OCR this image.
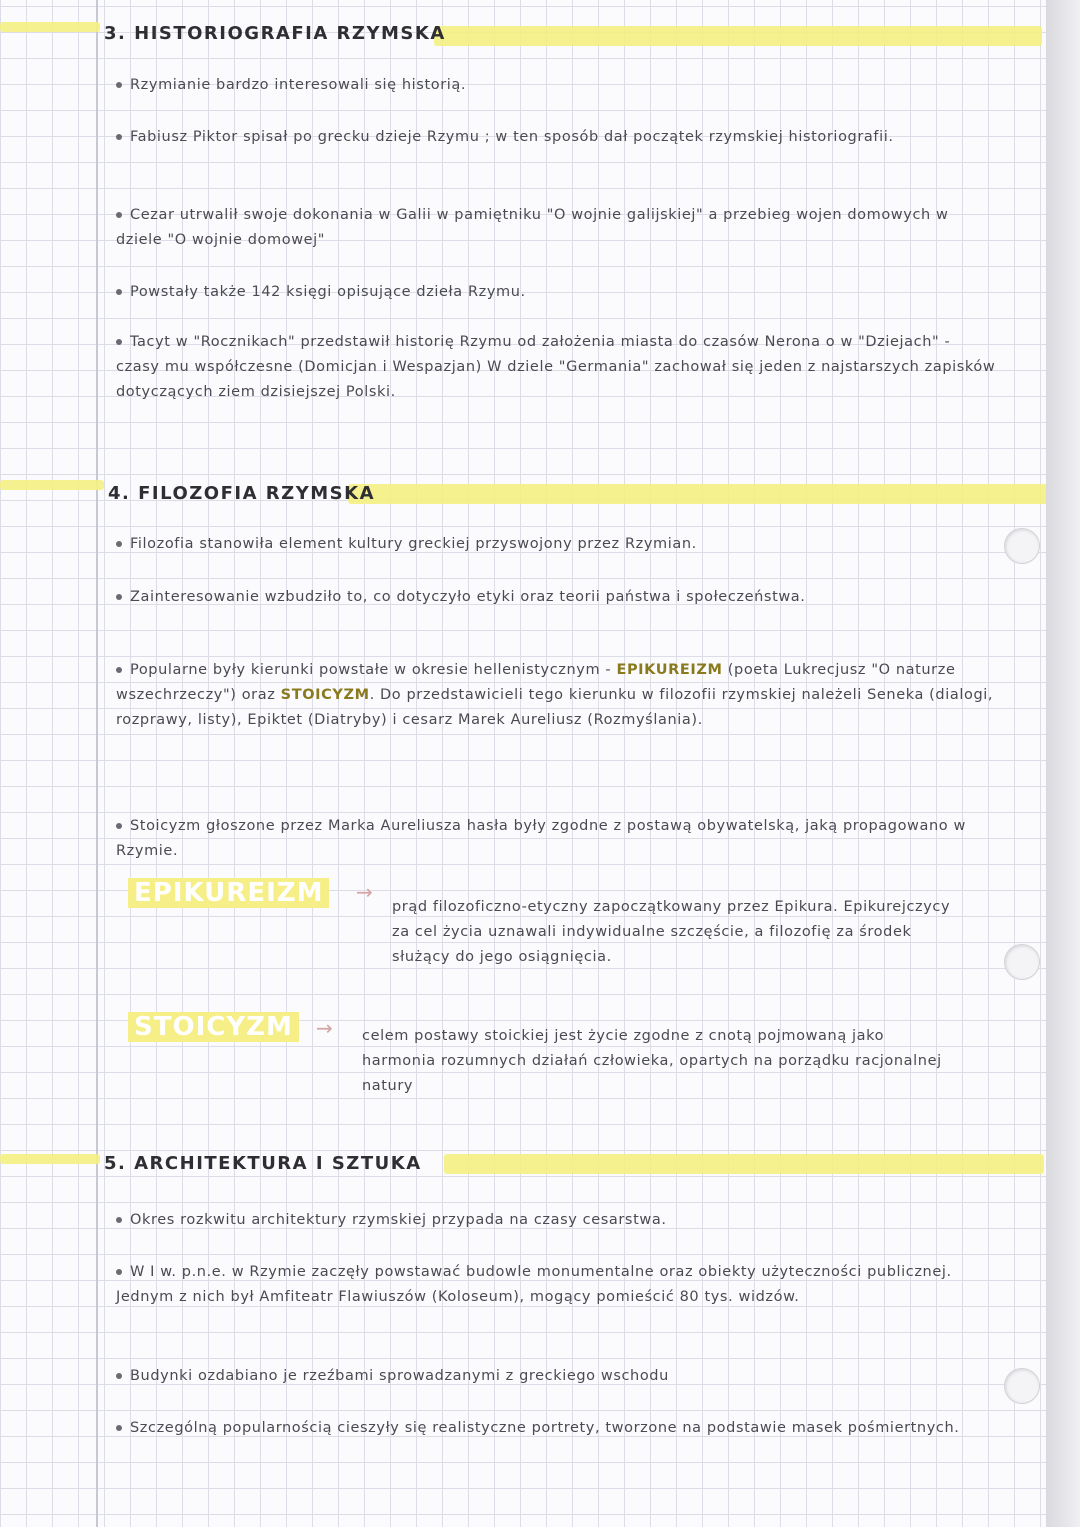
3. HISTORIOGRAFIA RZYMSKA
Rzymianie bardzo interesowali się historią.
Fabiusz Piktor spisał po grecku dzieje Rzymu ; w ten sposób dał początek rzymskiej historiografii.
Cezar utrwalił swoje dokonania w Galii w pamiętniku "O wojnie galijskiej" a przebieg wojen domowych w dziele "O wojnie domowej"
Powstały także 142 księgi opisujące dzieła Rzymu.
Tacyt w "Rocznikach" przedstawił historię Rzymu od założenia miasta do czasów Nerona o w "Dziejach" - czasy mu współczesne (Domicjan i Wespazjan) W dziele "Germania" zachował się jeden z najstarszych zapisków dotyczących ziem dzisiejszej Polski.
4. FILOZOFIA RZYMSKA
Filozofia stanowiła element kultury greckiej przyswojony przez Rzymian.
Zainteresowanie wzbudziło to, co dotyczyło etyki oraz teorii państwa i społeczeństwa.
Popularne były kierunki powstałe w okresie hellenistycznym - EPIKUREIZM (poeta Lukrecjusz "O naturze wszechrzeczy") oraz STOICYZM. Do przedstawicieli tego kierunku w filozofii rzymskiej należeli Seneka (dialogi, rozprawy, listy), Epiktet (Diatryby) i cesarz Marek Aureliusz (Rozmyślania).
Stoicyzm głoszone przez Marka Aureliusza hasła były zgodne z postawą obywatelską, jaką propagowano w Rzymie.
EPIKUREIZM	→
prąd filozoficzno-etyczny zapoczątkowany przez Epikura. Epikurejczycy za cel życia uznawali indywidualne szczęście, a filozofię za środek służący do jego osiągnięcia.
STOICYZM	→ celem postawy stoickiej jest życie zgodne z cnotą pojmowaną jako harmonia rozumnych działań człowieka, opartych na porządku racjonalnej natury
5. ARCHITEKTURA I SZTUKA
Okres rozkwitu architektury rzymskiej przypada na czasy cesarstwa.
W I w. p.n.e. w Rzymie zaczęły powstawać budowle monumentalne oraz obiekty użyteczności publicznej. Jednym z nich był Amfiteatr Flawiuszów (Koloseum), mogący pomieścić 80 tys. widzów.
Budynki ozdabiano je rzeźbami sprowadzanymi z greckiego wschodu
Szczególną popularnością cieszyły się realistyczne portrety, tworzone na podstawie masek pośmiertnych.
